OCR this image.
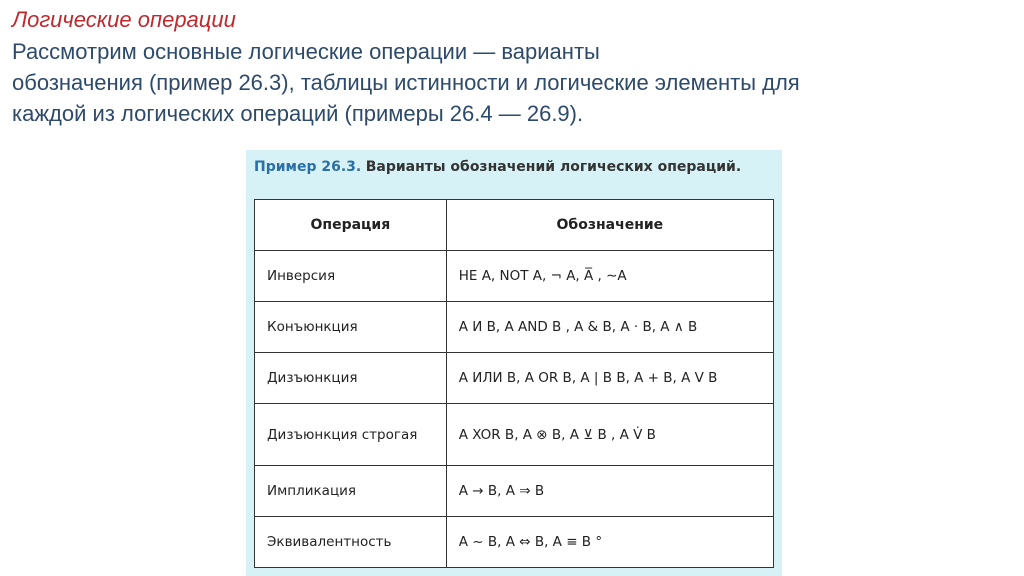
Логические операции

Рассмотрим основные логические операции — варианты
обозначения (пример 26.3), таблицы истинности и логические элементы для
каждой из логических операций (примеры 26.4 — 26.9).

Пример 26.3. Варианты обозначений логических операций.
Операция	Обозначение
Инверсия	НЕ A, NOT A, ¬ A, A̅ , ∼A
Конъюнкция	A И B, A AND B , A & B, A · B, A ∧ B
Дизъюнкция	A ИЛИ B, A OR B, A | B B, A + B, A V B
Дизъюнкция строгая	A XOR B, A ⊗ B, A ⊻ B , A V̇ B
Импликация	A → B, A ⇒ B
Эквивалентность	A ~ B, A ⇔ B, A ≡ B °
